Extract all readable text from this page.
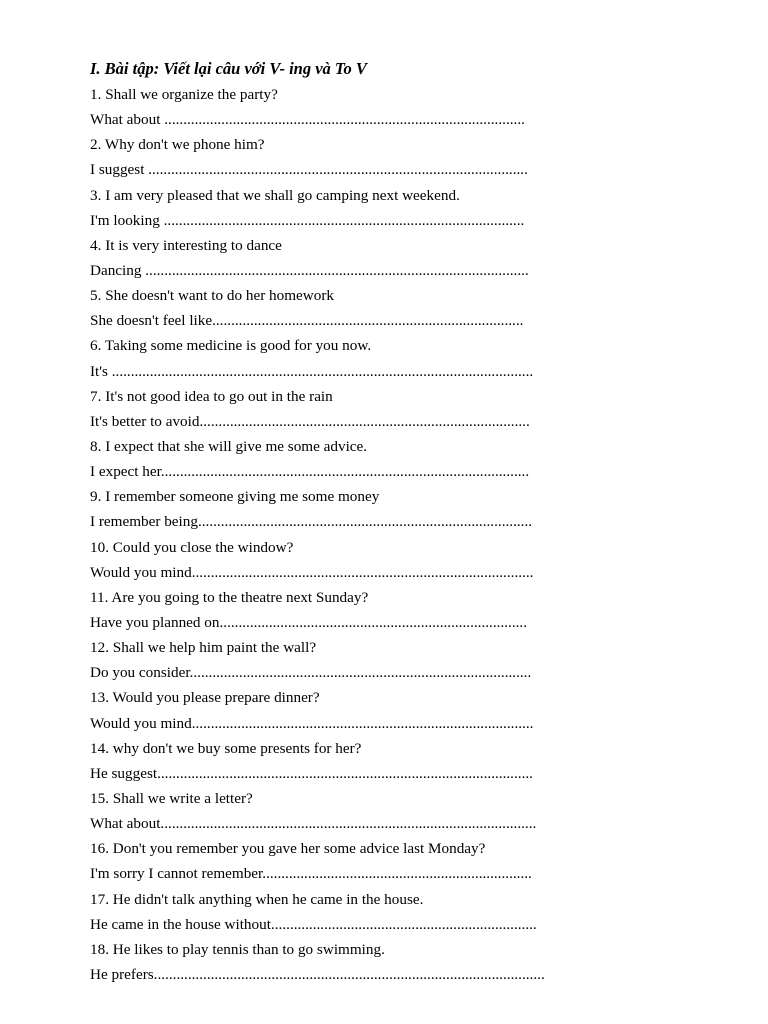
I. Bài tập: Viết lại câu với V- ing và To V
1. Shall we organize the party?
What about ...............................................................................................
2. Why don't we phone him?
I suggest ....................................................................................................
3. I am very pleased that we shall go camping next weekend.
I'm looking ...............................................................................................
4. It is very interesting to dance
Dancing .....................................................................................................
5. She doesn't want to do her homework
She doesn't feel like..................................................................................
6. Taking some medicine is good for you now.
It's ...............................................................................................................
7. It's not good idea to go out in the rain
It's better to avoid.......................................................................................
8. I expect that she will give me some advice.
I expect her.................................................................................................
9. I remember someone giving me some money
I remember being........................................................................................
10. Could you close the window?
Would you mind..........................................................................................
11. Are you going to the theatre next Sunday?
Have you planned on.................................................................................
12. Shall we help him paint the wall?
Do you consider..........................................................................................
13. Would you please prepare dinner?
Would you mind..........................................................................................
14. why don't we buy some presents for her?
He suggest...................................................................................................
15. Shall we write a letter?
What about...................................................................................................
16. Don't you remember you gave her some advice last Monday?
I'm sorry I cannot remember.......................................................................
17. He didn't talk anything when he came in the house.
He came in the house without......................................................................
18. He likes to play tennis than to go swimming.
He prefers.......................................................................................................
